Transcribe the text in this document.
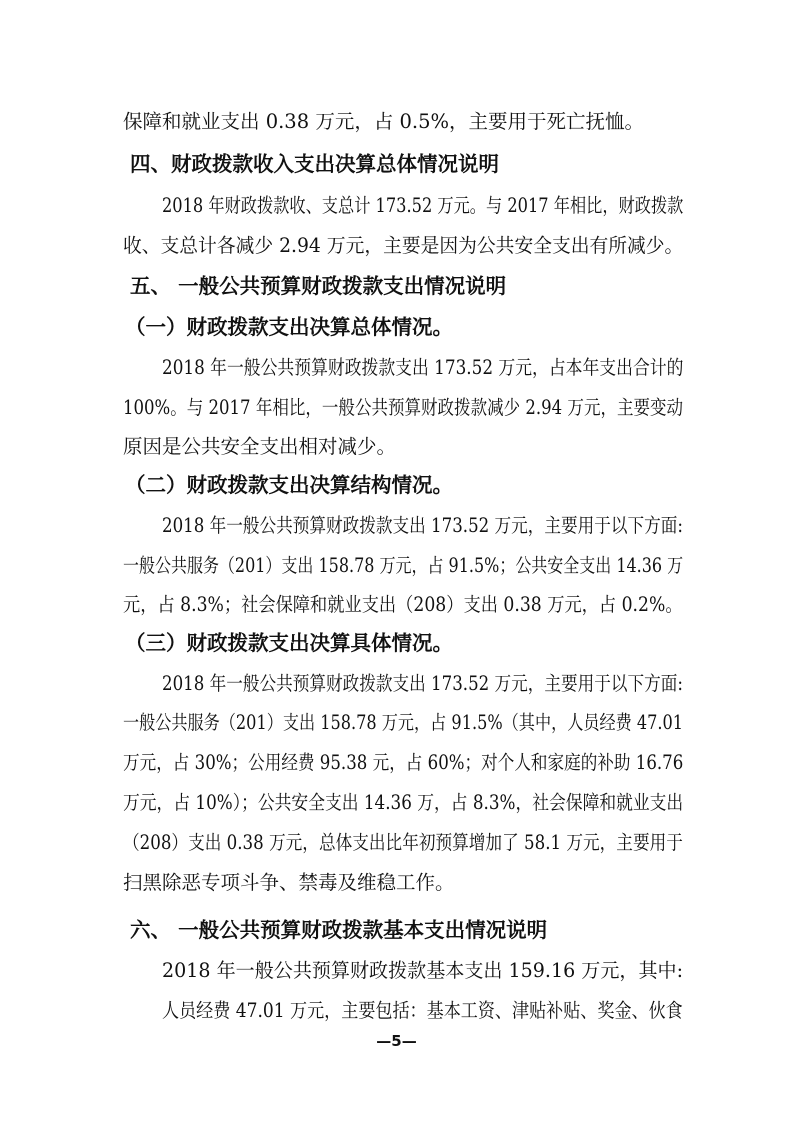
保障和就业支出 0.38 万元，占 0.5%，主要用于死亡抚恤。
四、财政拨款收入支出决算总体情况说明
2018 年财政拨款收、支总计 173.52 万元。与 2017 年相比，财政拨款
收、支总计各减少 2.94 万元，主要是因为公共安全支出有所减少。
五、 一般公共预算财政拨款支出情况说明
（一）财政拨款支出决算总体情况。
2018 年一般公共预算财政拨款支出 173.52 万元，占本年支出合计的
100%。与 2017 年相比，一般公共预算财政拨款减少 2.94 万元，主要变动
原因是公共安全支出相对减少。
（二）财政拨款支出决算结构情况。
2018 年一般公共预算财政拨款支出 173.52 万元，主要用于以下方面:
一般公共服务（201）支出 158.78 万元，占 91.5%；公共安全支出 14.36 万
元，占 8.3%；社会保障和就业支出（208）支出 0.38 万元，占 0.2%。
（三）财政拨款支出决算具体情况。
2018 年一般公共预算财政拨款支出 173.52 万元，主要用于以下方面:
一般公共服务（201）支出 158.78 万元，占 91.5%（其中，人员经费 47.01
万元，占 30%；公用经费 95.38 元，占 60%；对个人和家庭的补助 16.76
万元，占 10%）；公共安全支出 14.36 万，占 8.3%，社会保障和就业支出
（208）支出 0.38 万元，总体支出比年初预算增加了 58.1 万元，主要用于
扫黑除恶专项斗争、禁毒及维稳工作。
六、 一般公共预算财政拨款基本支出情况说明
2018 年一般公共预算财政拨款基本支出 159.16 万元，其中:
人员经费 47.01 万元，主要包括：基本工资、津贴补贴、奖金、伙食
—5—
